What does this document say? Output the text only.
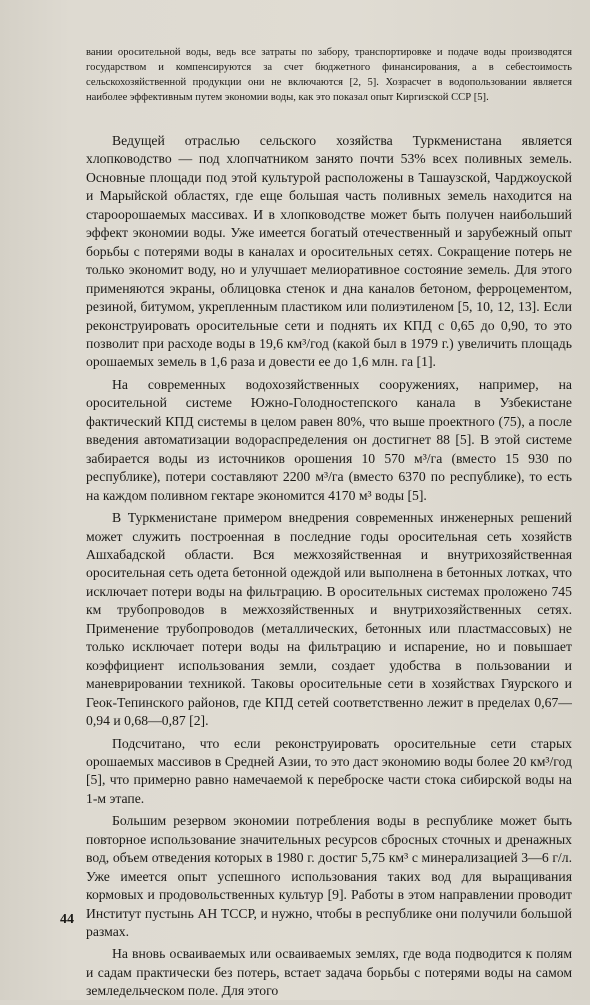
вании оросительной воды, ведь все затраты по забору, транспортировке и подаче воды производятся государством и компенсируются за счет бюджетного финансирования, а в себестоимость сельскохозяйственной продукции они не включаются [2, 5]. Хозрасчет в водопользовании является наиболее эффективным путем экономии воды, как это показал опыт Киргизской ССР [5].

Ведущей отраслью сельского хозяйства Туркменистана является хлопководство — под хлопчатником занято почти 53% всех поливных земель. Основные площади под этой культурой расположены в Ташаузской, Чарджоуской и Марыйской областях, где еще большая часть поливных земель находится на староорошаемых массивах. И в хлопководстве может быть получен наибольший эффект экономии воды. Уже имеется богатый отечественный и зарубежный опыт борьбы с потерями воды в каналах и оросительных сетях. Сокращение потерь не только экономит воду, но и улучшает мелиоративное состояние земель. Для этого применяются экраны, облицовка стенок и дна каналов бетоном, ферроцементом, резиной, битумом, укрепленным пластиком или полиэтиленом [5, 10, 12, 13]. Если реконструировать оросительные сети и поднять их КПД с 0,65 до 0,90, то это позволит при расходе воды в 19,6 км³/год (какой был в 1979 г.) увеличить площадь орошаемых земель в 1,6 раза и довести ее до 1,6 млн. га [1].

На современных водохозяйственных сооружениях, например, на оросительной системе Южно-Голодностепского канала в Узбекистане фактический КПД системы в целом равен 80%, что выше проектного (75), а после введения автоматизации водораспределения он достигнет 88 [5]. В этой системе забирается воды из источников орошения 10 570 м³/га (вместо 15 930 по республике), потери составляют 2200 м³/га (вместо 6370 по республике), то есть на каждом поливном гектаре экономится 4170 м³ воды [5].

В Туркменистане примером внедрения современных инженерных решений может служить построенная в последние годы оросительная сеть хозяйств Ашхабадской области. Вся межхозяйственная и внутрихозяйственная оросительная сеть одета бетонной одеждой или выполнена в бетонных лотках, что исключает потери воды на фильтрацию. В оросительных системах проложено 745 км трубопроводов в межхозяйственных и внутрихозяйственных сетях. Применение трубопроводов (металлических, бетонных или пластмассовых) не только исключает потери воды на фильтрацию и испарение, но и повышает коэффициент использования земли, создает удобства в пользовании и маневрировании техникой. Таковы оросительные сети в хозяйствах Гяурского и Геок-Тепинского районов, где КПД сетей соответственно лежит в пределах 0,67—0,94 и 0,68—0,87 [2].

Подсчитано, что если реконструировать оросительные сети старых орошаемых массивов в Средней Азии, то это даст экономию воды более 20 км³/год [5], что примерно равно намечаемой к переброске части стока сибирской воды на 1-м этапе.

Большим резервом экономии потребления воды в республике может быть повторное использование значительных ресурсов сбросных сточных и дренажных вод, объем отведения которых в 1980 г. достиг 5,75 км³ с минерализацией 3—6 г/л. Уже имеется опыт успешного использования таких вод для выращивания кормовых и продовольственных культур [9]. Работы в этом направлении проводит Институт пустынь АН ТССР, и нужно, чтобы в республике они получили большой размах.

На вновь осваиваемых или осваиваемых землях, где вода подводится к полям и садам практически без потерь, встает задача борьбы с потерями воды на самом земледельческом поле. Для этого

44
